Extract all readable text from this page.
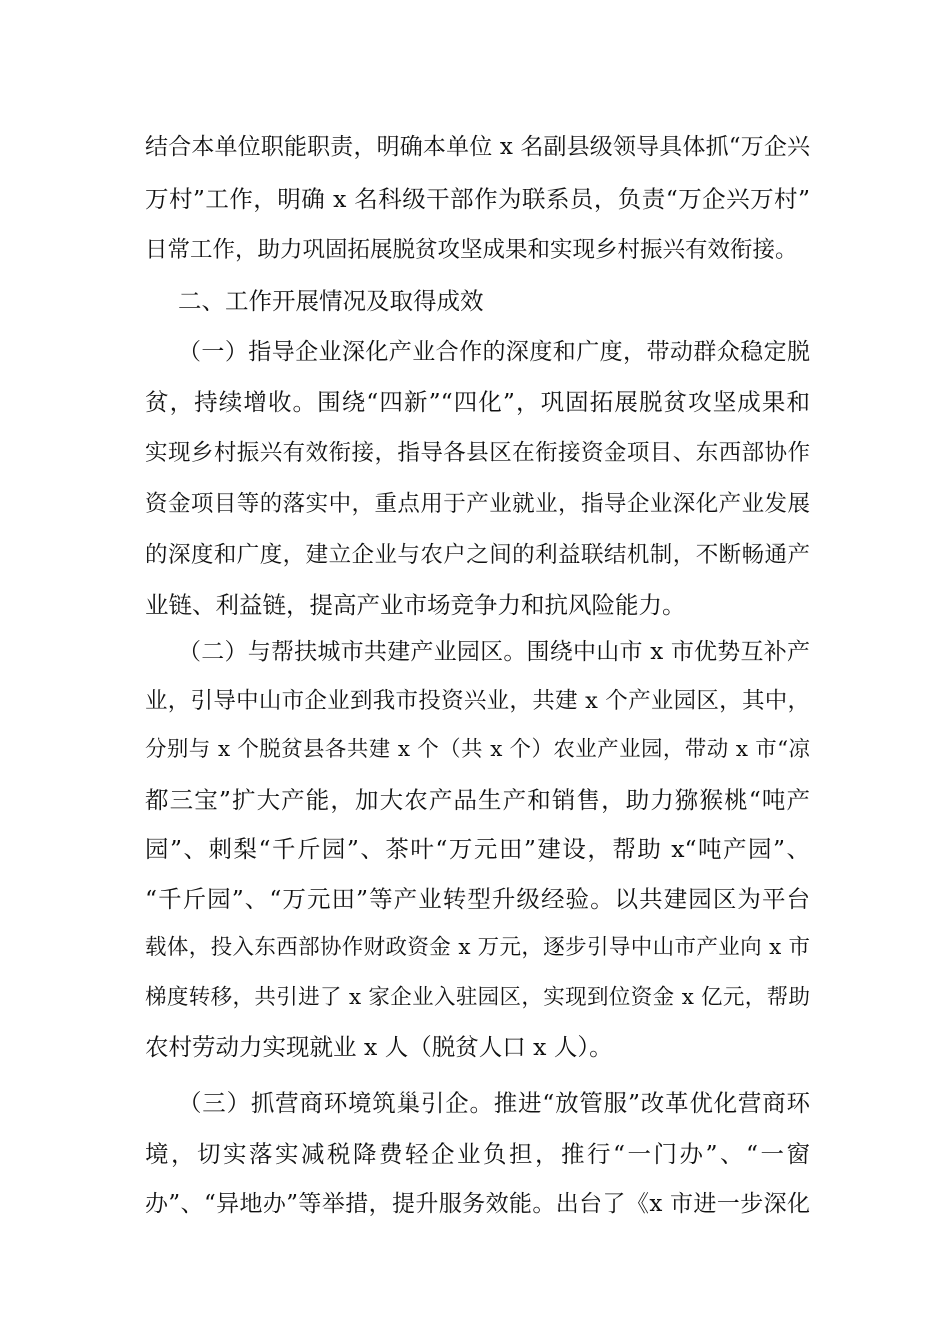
结合本单位职能职责，明确本单位 x 名副县级领导具体抓“万企兴

万村”工作，明确 x 名科级干部作为联系员，负责“万企兴万村”

日常工作，助力巩固拓展脱贫攻坚成果和实现乡村振兴有效衔接。

二、工作开展情况及取得成效

（一）指导企业深化产业合作的深度和广度，带动群众稳定脱

贫，持续增收。围绕“四新”“四化”，巩固拓展脱贫攻坚成果和

实现乡村振兴有效衔接，指导各县区在衔接资金项目、东西部协作

资金项目等的落实中，重点用于产业就业，指导企业深化产业发展

的深度和广度，建立企业与农户之间的利益联结机制，不断畅通产

业链、利益链，提高产业市场竞争力和抗风险能力。

（二）与帮扶城市共建产业园区。围绕中山市 x 市优势互补产

业，引导中山市企业到我市投资兴业，共建 x 个产业园区，其中，

分别与 x 个脱贫县各共建 x 个（共 x 个）农业产业园，带动 x 市“凉

都三宝”扩大产能，加大农产品生产和销售，助力猕猴桃“吨产

园”、刺梨“千斤园”、茶叶“万元田”建设，帮助 x“吨产园”、

“千斤园”、“万元田”等产业转型升级经验。以共建园区为平台

载体，投入东西部协作财政资金 x 万元，逐步引导中山市产业向 x 市

梯度转移，共引进了 x 家企业入驻园区，实现到位资金 x 亿元，帮助

农村劳动力实现就业 x 人（脱贫人口 x 人）。

（三）抓营商环境筑巢引企。推进“放管服”改革优化营商环

境，切实落实减税降费轻企业负担，推行“一门办”、“一窗

办”、“异地办”等举措，提升服务效能。出台了《x 市进一步深化
